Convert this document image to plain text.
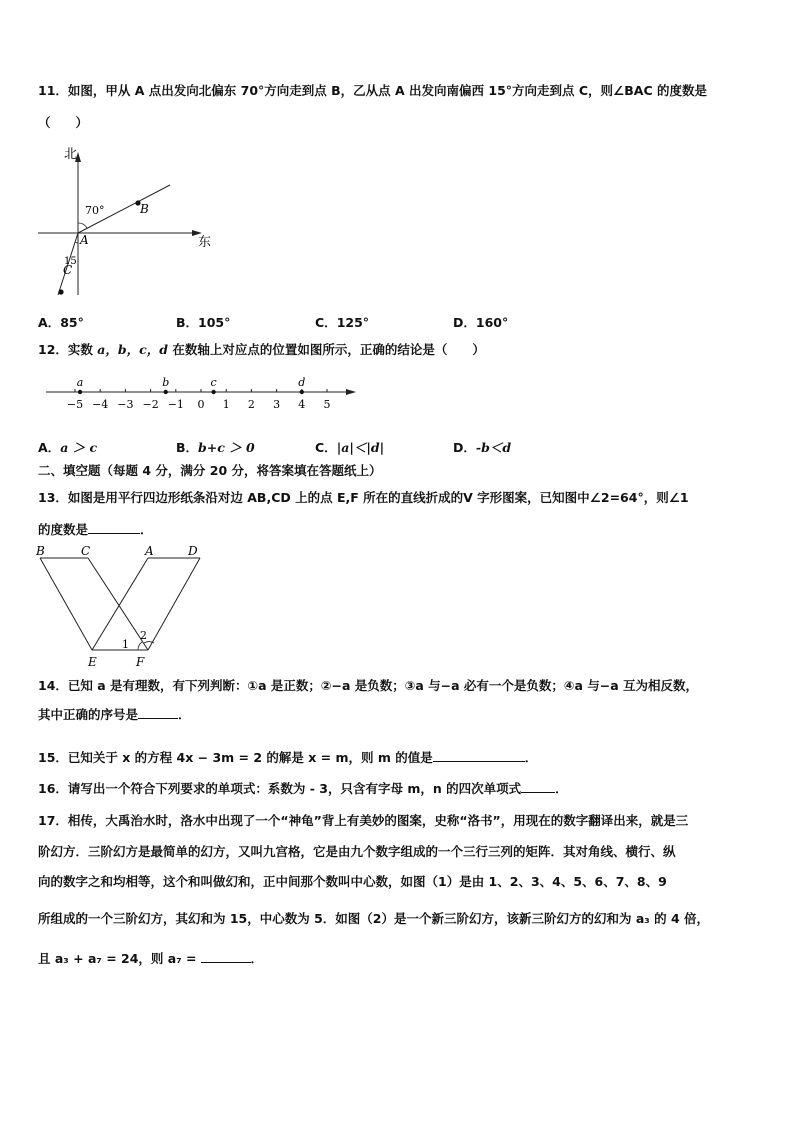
11．如图，甲从 A 点出发向北偏东 70°方向走到点 B，乙从点 A 出发向南偏西 15°方向走到点 C，则∠BAC 的度数是
（　　）
北
东
70°	B
A
15
C
A．85°	B．105°	C．125°	D．160°
12．实数 a，b，c，d 在数轴上对应点的位置如图所示，正确的结论是（　　）
−5 −4 −3 −2 −1 0 1 2 3 4 5
a	b	c	d
A．a ＞ c	B．b+c ＞ 0	C．|a|＜|d|	D．-b＜d
二、填空题（每题 4 分，满分 20 分，将答案填在答题纸上）
13．如图是用平行四边形纸条沿对边 AB,CD 上的点 E,F 所在的直线折成的V 字形图案，已知图中∠2=64°，则∠1
的度数是	．
B	C	A	D
E	F
1
2
14．已知 a 是有理数，有下列判断：①a 是正数；②−a 是负数；③a 与−a 必有一个是负数；④a 与−a 互为相反数，
其中正确的序号是	．
15．已知关于 x 的方程 4x − 3m = 2 的解是 x = m，则 m 的值是	．
16．请写出一个符合下列要求的单项式：系数为 - 3，只含有字母 m，n 的四次单项式	．
17．相传，大禹治水时，洛水中出现了一个“神龟”背上有美妙的图案，史称“洛书”，用现在的数字翻译出来，就是三
阶幻方．三阶幻方是最简单的幻方，又叫九宫格，它是由九个数字组成的一个三行三列的矩阵．其对角线、横行、纵
向的数字之和均相等，这个和叫做幻和，正中间那个数叫中心数，如图（1）是由 1、2、3、4、5、6、7、8、9
所组成的一个三阶幻方，其幻和为 15，中心数为 5．如图（2）是一个新三阶幻方，该新三阶幻方的幻和为 a₃ 的 4 倍，
且 a₃ + a₇ = 24，则 a₇ =	．
